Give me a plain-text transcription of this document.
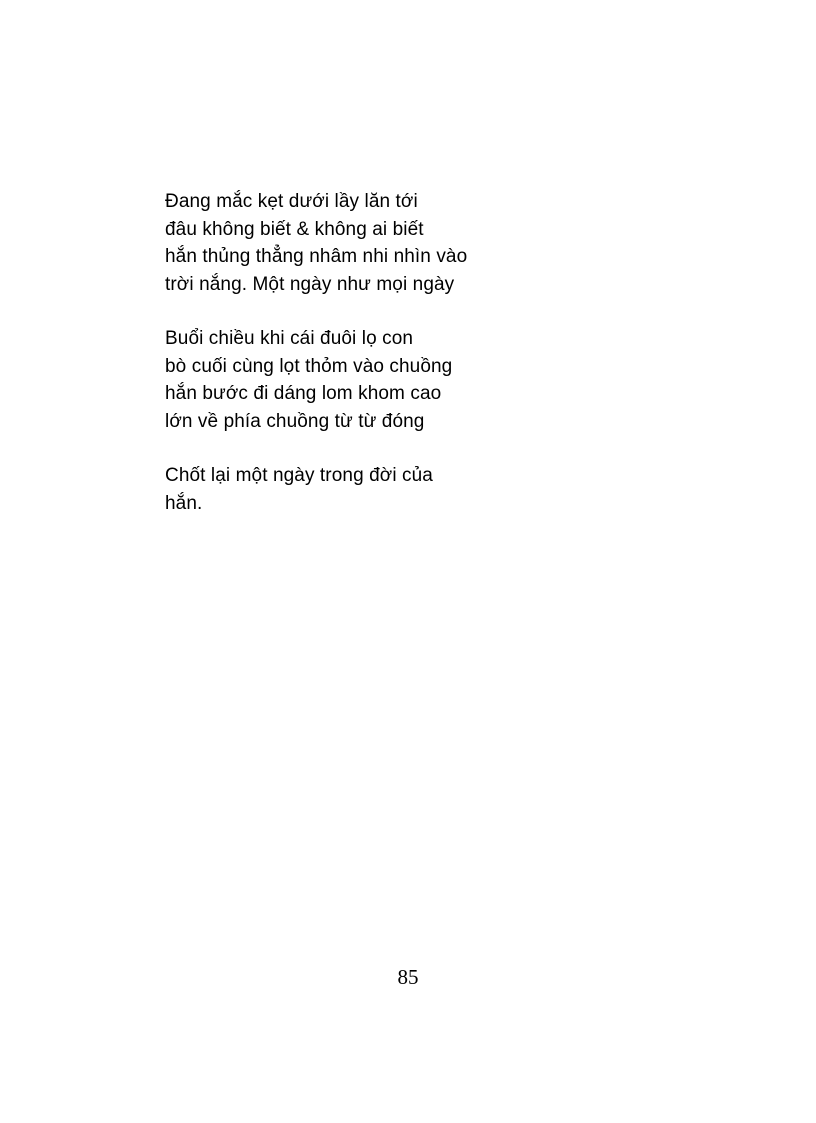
Đang mắc kẹt dưới lầy lăn tới
đâu không biết & không ai biết
hắn thủng thẳng nhâm nhi nhìn vào
trời nắng. Một ngày như mọi ngày
Buổi chiều khi cái đuôi lọ con
bò cuối cùng lọt thỏm vào chuồng
hắn bước đi dáng lom khom cao
lớn về phía chuồng từ từ đóng
Chốt lại một ngày trong đời của
hắn.
85
